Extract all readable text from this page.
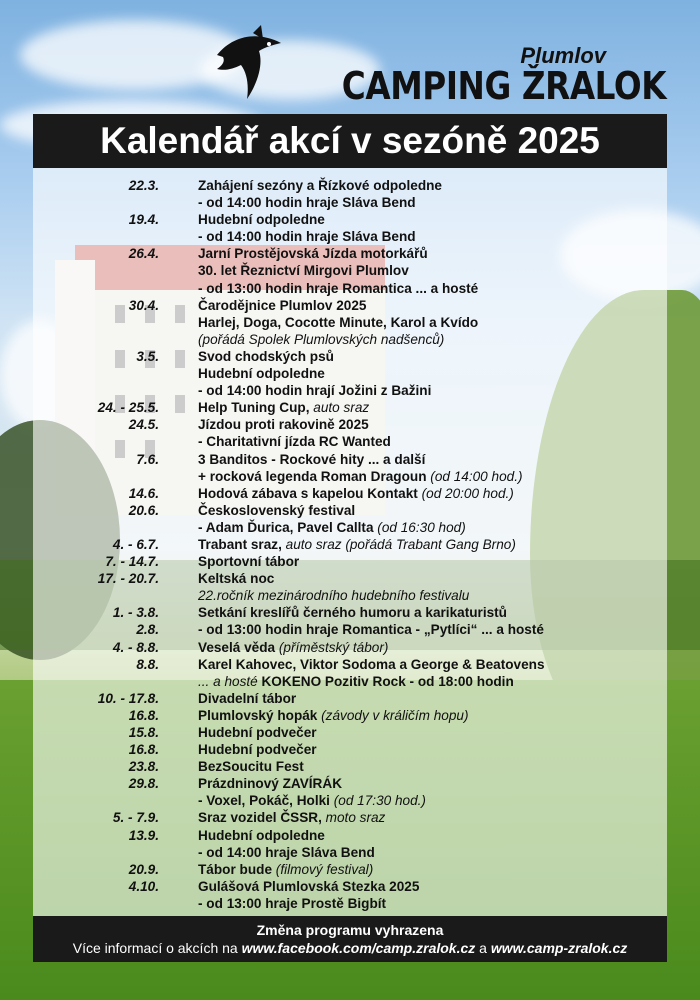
Plumlov
CAMPING ŽRALOK
Kalendář akcí v sezóně 2025
22.3.	Zahájení sezóny a Řízkové odpoledne
- od 14:00 hodin hraje Sláva Bend
19.4.	Hudební odpoledne
- od 14:00 hodin hraje Sláva Bend
26.4.	Jarní Prostějovská Jízda motorkářů
30. let Řeznictví Mirgovi Plumlov
- od 13:00 hodin hraje Romantica ... a hosté
30.4.	Čarodějnice Plumlov 2025
Harlej, Doga, Cocotte Minute, Karol a Kvído
(pořádá Spolek Plumlovských nadšenců)
3.5.	Svod chodských psů
Hudební odpoledne
- od 14:00 hodin hrají Jožini z Bažini
24. - 25.5.	Help Tuning Cup, auto sraz
24.5.	Jízdou proti rakovině 2025
- Charitativní jízda RC Wanted
7.6.	3 Banditos - Rockové hity ... a další
+ rocková legenda Roman Dragoun (od 14:00 hod.)
14.6.	Hodová zábava s kapelou Kontakt (od 20:00 hod.)
20.6.	Československý festival
- Adam Ďurica, Pavel Callta (od 16:30 hod)
4. - 6.7.	Trabant sraz, auto sraz (pořádá Trabant Gang Brno)
7. - 14.7.	Sportovní tábor
17. - 20.7.	Keltská noc
22.ročník mezinárodního hudebního festivalu
1. - 3.8.	Setkání kreslířů černého humoru a karikaturistů
2.8.	- od 13:00 hodin hraje Romantica - „Pytlíci“ ... a hosté
4. - 8.8.	Veselá věda (příměstský tábor)
8.8.	Karel Kahovec, Viktor Sodoma a George & Beatovens
... a hosté KOKENO Pozitiv Rock - od 18:00 hodin
10. - 17.8.	Divadelní tábor
16.8.	Plumlovský hopák (závody v králičím hopu)
15.8.	Hudební podvečer
16.8.	Hudební podvečer
23.8.	BezSoucitu Fest
29.8.	Prázdninový ZAVÍRÁK
- Voxel, Pokáč, Holki (od 17:30 hod.)
5. - 7.9.	Sraz vozidel ČSSR, moto sraz
13.9.	Hudební odpoledne
- od 14:00 hraje Sláva Bend
20.9.	Tábor bude (filmový festival)
4.10.	Gulášová Plumlovská Stezka 2025
- od 13:00 hraje Prostě Bigbít
Změna programu vyhrazena
Více informací o akcích na www.facebook.com/camp.zralok.cz a www.camp-zralok.cz
